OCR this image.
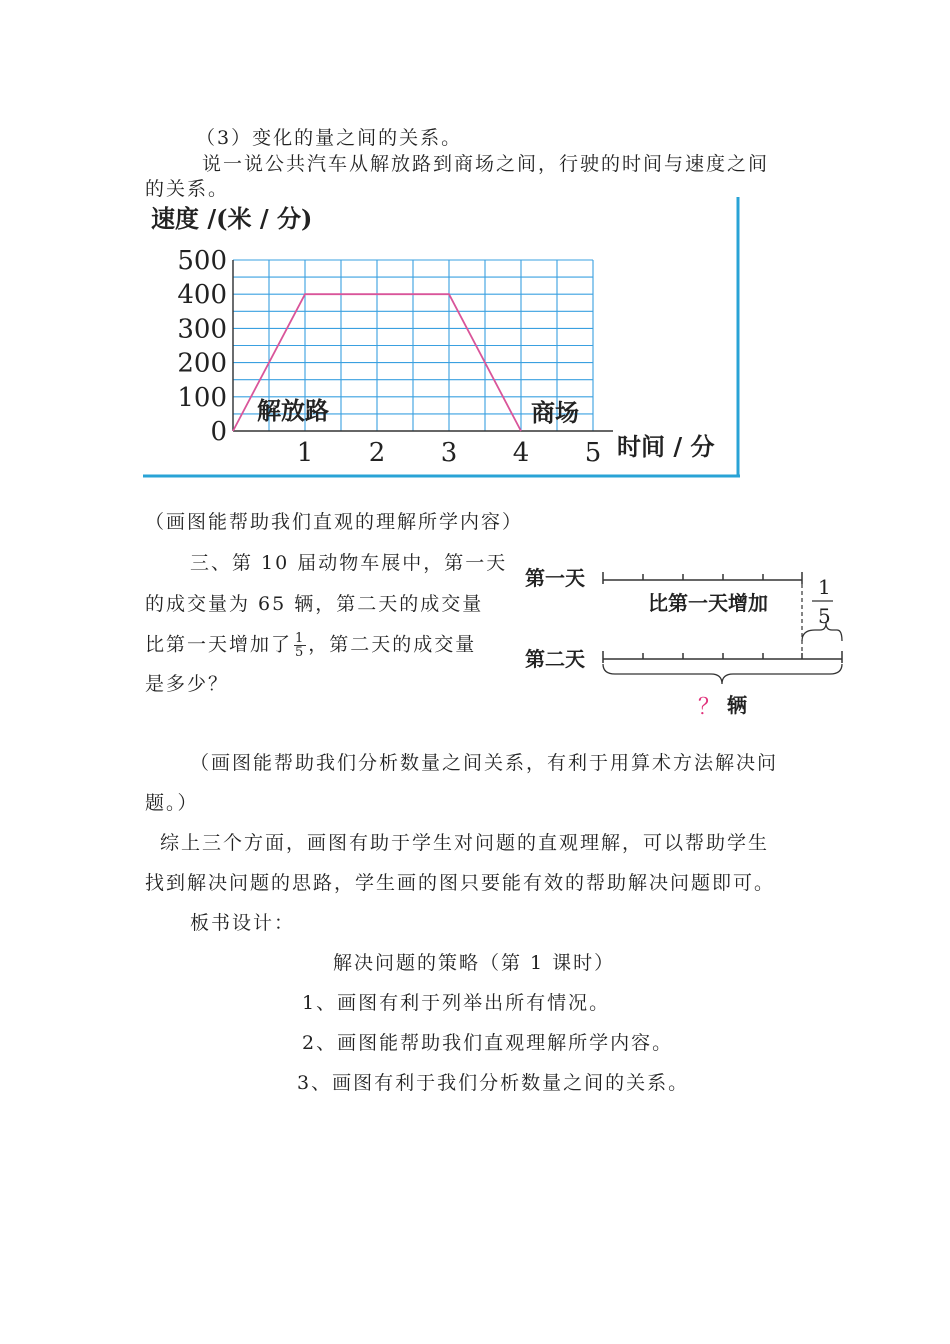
（3）变化的量之间的关系。
说一说公共汽车从解放路到商场之间，行驶的时间与速度之间
的关系。
速度 /(米 / 分)
0
100
200
300
400
500
1 2 3 4 5
解放路	商场
时间 / 分
（画图能帮助我们直观的理解所学内容）
三、第 10 届动物车展中，第一天
的成交量为 65 辆，第二天的成交量
比第一天增加了 $\frac{1}{5}$ ，第二天的成交量
是多少？
第一天
比第一天增加
1
5
第二天
？ 辆
（画图能帮助我们分析数量之间关系，有利于用算术方法解决问
题。）
综上三个方面，画图有助于学生对问题的直观理解，可以帮助学生
找到解决问题的思路，学生画的图只要能有效的帮助解决问题即可。
板书设计：
解决问题的策略（第 1 课时）
1、画图有利于列举出所有情况。
2、画图能帮助我们直观理解所学内容。
3、画图有利于我们分析数量之间的关系。
